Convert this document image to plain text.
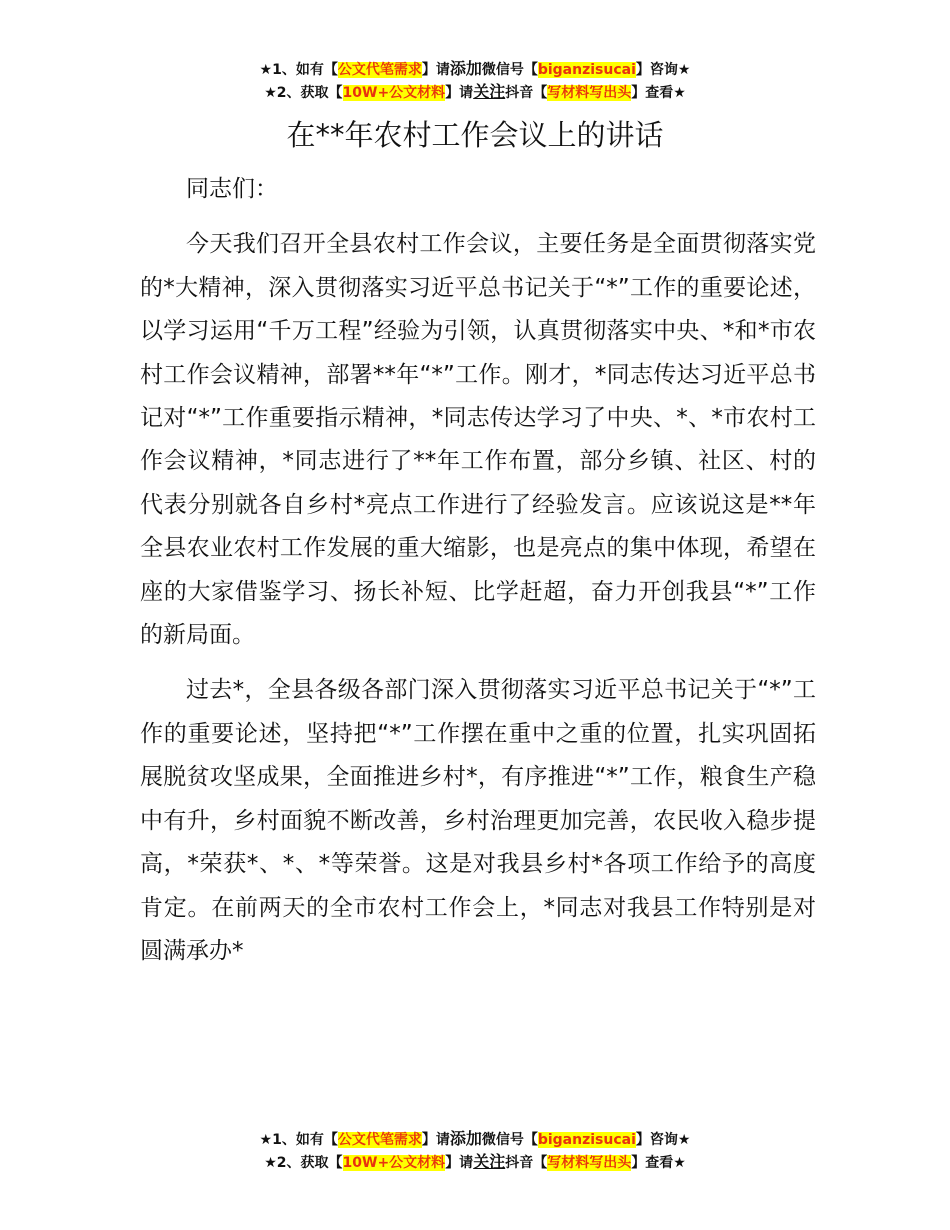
★1、如有【公文代笔需求】请添加微信号【biganzisucai】咨询★
★2、获取【10W+公文材料】请关注抖音【写材料写出头】查看★
在**年农村工作会议上的讲话

同志们：

今天我们召开全县农村工作会议，主要任务是全面贯彻落实党的*大精神，深入贯彻落实习近平总书记关于“*”工作的重要论述，以学习运用“千万工程”经验为引领，认真贯彻落实中央、*和*市农村工作会议精神，部署**年“*”工作。刚才，*同志传达习近平总书记对“*”工作重要指示精神，*同志传达学习了中央、*、*市农村工作会议精神，*同志进行了**年工作布置，部分乡镇、社区、村的代表分别就各自乡村*亮点工作进行了经验发言。应该说这是**年全县农业农村工作发展的重大缩影，也是亮点的集中体现，希望在座的大家借鉴学习、扬长补短、比学赶超，奋力开创我县“*”工作的新局面。

过去*，全县各级各部门深入贯彻落实习近平总书记关于“*”工作的重要论述，坚持把“*”工作摆在重中之重的位置，扎实巩固拓展脱贫攻坚成果，全面推进乡村*，有序推进“*”工作，粮食生产稳中有升，乡村面貌不断改善，乡村治理更加完善，农民收入稳步提高，*荣获*、*、*等荣誉。这是对我县乡村*各项工作给予的高度肯定。在前两天的全市农村工作会上，*同志对我县工作特别是对圆满承办*

★1、如有【公文代笔需求】请添加微信号【biganzisucai】咨询★
★2、获取【10W+公文材料】请关注抖音【写材料写出头】查看★
